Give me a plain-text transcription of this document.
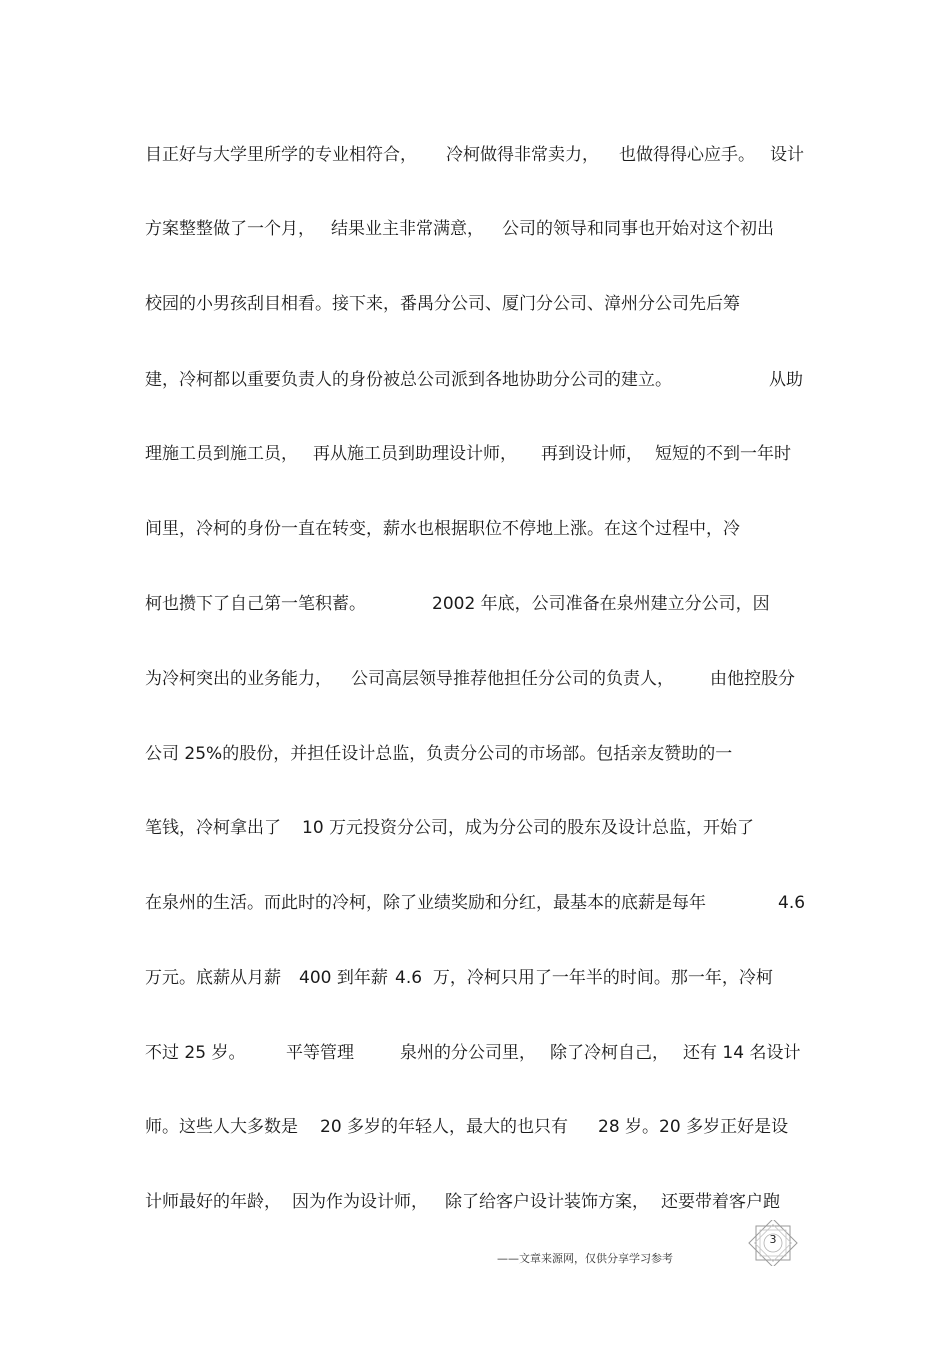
目正好与大学里所学的专业相符合， 冷柯做得非常卖力， 也做得得心应手。 设计
方案整整做了一个月， 结果业主非常满意， 公司的领导和同事也开始对这个初出
校园的小男孩刮目相看。接下来，番禺分公司、厦门分公司、漳州分公司先后筹
建，冷柯都以重要负责人的身份被总公司派到各地协助分公司的建立。	从助
理施工员到施工员， 再从施工员到助理设计师， 再到设计师， 短短的不到一年时
间里，冷柯的身份一直在转变，薪水也根据职位不停地上涨。在这个过程中，冷
柯也攒下了自己第一笔积蓄。	2002 年底，公司准备在泉州建立分公司，因
为冷柯突出的业务能力， 公司高层领导推荐他担任分公司的负责人， 由他控股分
公司 25%的股份，并担任设计总监，负责分公司的市场部。包括亲友赞助的一
笔钱，冷柯拿出了 10 万元投资分公司，成为分公司的股东及设计总监，开始了
在泉州的生活。而此时的冷柯，除了业绩奖励和分红，最基本的底薪是每年	4.6
万元。底薪从月薪 400 到年薪 4.6  万，冷柯只用了一年半的时间。那一年，冷柯
不过 25 岁。 平等管理	泉州的分公司里， 除了冷柯自己， 还有 14 名设计
师。这些人大多数是 20 多岁的年轻人，最大的也只有 28 岁。20 多岁正好是设
计师最好的年龄， 因为作为设计师， 除了给客户设计装饰方案， 还要带着客户跑
——文章来源网，仅供分享学习参考
3
